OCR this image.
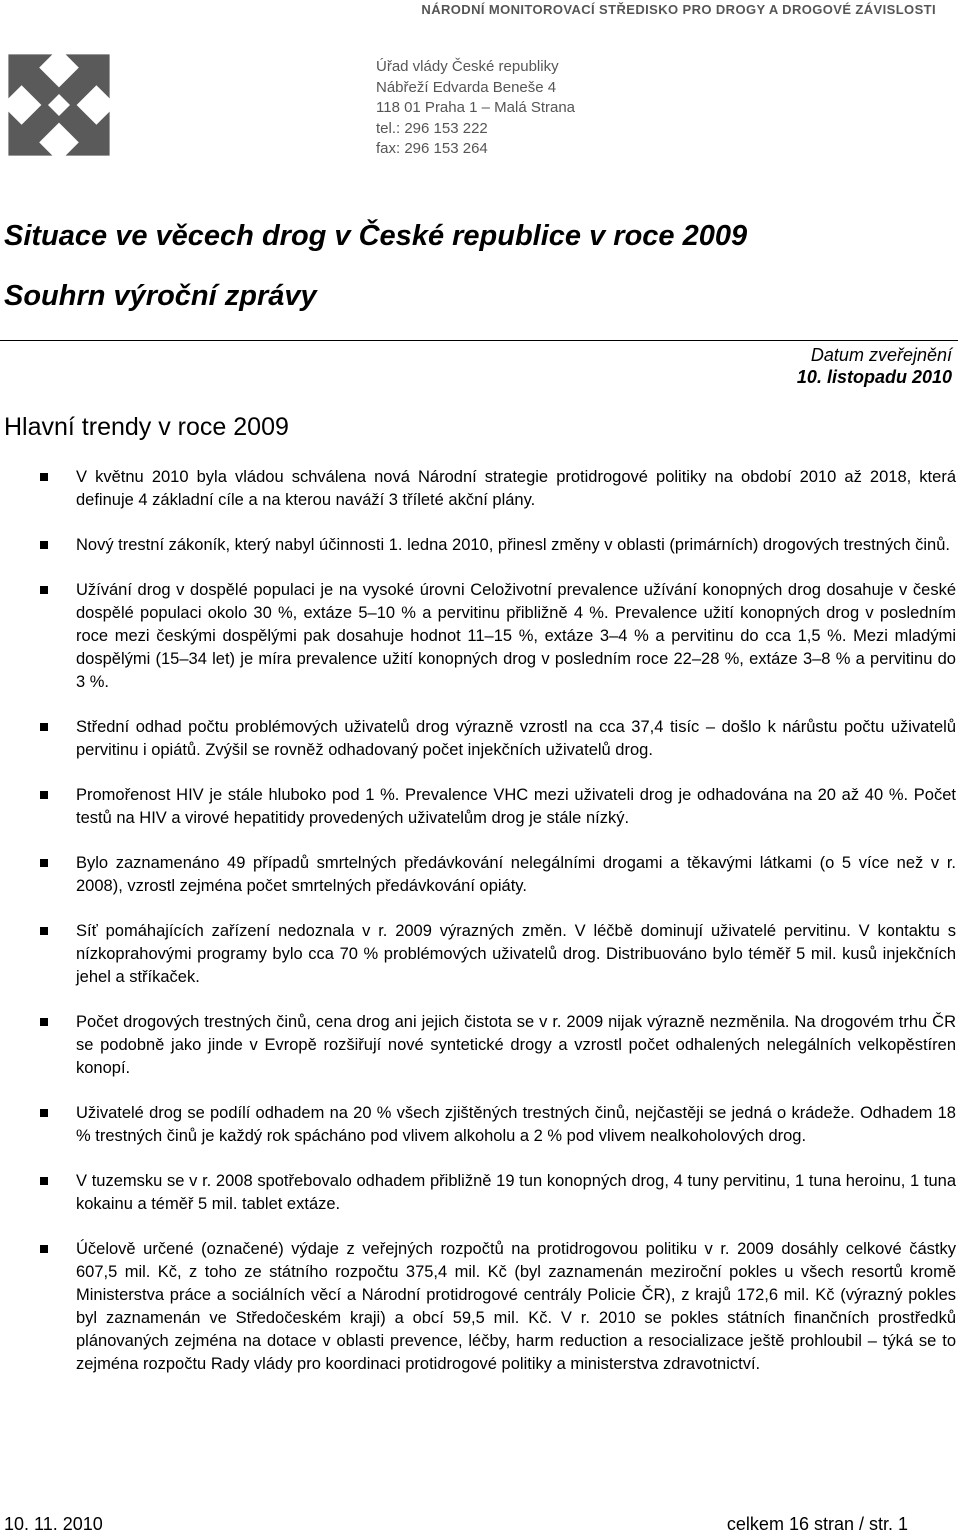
NÁRODNÍ MONITOROVACÍ STŘEDISKO PRO DROGY A DROGOVÉ ZÁVISLOSTI
Úřad vlády České republiky
Nábřeží Edvarda Beneše 4
118 01 Praha 1 – Malá Strana
tel.: 296 153 222
fax: 296 153 264
Situace ve věcech drog v České republice v roce 2009
Souhrn výroční zprávy
Datum zveřejnění
10. listopadu 2010
Hlavní trendy v roce 2009
V květnu 2010 byla vládou schválena nová Národní strategie protidrogové politiky na období 2010 až 2018, která definuje 4 základní cíle a na kterou naváží 3 tříleté akční plány.
Nový trestní zákoník, který nabyl účinnosti 1. ledna 2010, přinesl změny v oblasti (primárních) drogových trestných činů.
Užívání drog v dospělé populaci je na vysoké úrovni Celoživotní prevalence užívání konopných drog dosahuje v české dospělé populaci okolo 30 %, extáze 5–10 % a pervitinu přibližně 4 %. Prevalence užití konopných drog v posledním roce mezi českými dospělými pak dosahuje hodnot 11–15 %, extáze 3–4 % a pervitinu do cca 1,5 %. Mezi mladými dospělými (15–34 let) je míra prevalence užití konopných drog v posledním roce 22–28 %, extáze 3–8 % a pervitinu do 3 %.
Střední odhad počtu problémových uživatelů drog výrazně vzrostl na cca 37,4 tisíc – došlo k nárůstu počtu uživatelů pervitinu i opiátů. Zvýšil se rovněž odhadovaný počet injekčních uživatelů drog.
Promořenost HIV je stále hluboko pod 1 %. Prevalence VHC mezi uživateli drog je odhadována na 20 až 40 %. Počet testů na HIV a virové hepatitidy provedených uživatelům drog je stále nízký.
Bylo zaznamenáno 49 případů smrtelných předávkování nelegálními drogami a těkavými látkami (o 5 více než v r. 2008), vzrostl zejména počet smrtelných předávkování opiáty.
Síť pomáhajících zařízení nedoznala v r. 2009 výrazných změn. V léčbě dominují uživatelé pervitinu. V kontaktu s nízkoprahovými programy bylo cca 70 % problémových uživatelů drog. Distribuováno bylo téměř 5 mil. kusů injekčních jehel a stříkaček.
Počet drogových trestných činů, cena drog ani jejich čistota se v r. 2009 nijak výrazně nezměnila. Na drogovém trhu ČR se podobně jako jinde v Evropě rozšiřují nové syntetické drogy a vzrostl počet odhalených nelegálních velkopěstíren konopí.
Uživatelé drog se podílí odhadem na 20 % všech zjištěných trestných činů, nejčastěji se jedná o krádeže. Odhadem 18 % trestných činů je každý rok spácháno pod vlivem alkoholu a 2 % pod vlivem nealkoholových drog.
V tuzemsku se v r. 2008 spotřebovalo odhadem přibližně 19 tun konopných drog, 4 tuny pervitinu, 1 tuna heroinu, 1 tuna kokainu a téměř 5 mil. tablet extáze.
Účelově určené (označené) výdaje z veřejných rozpočtů na protidrogovou politiku v r. 2009 dosáhly celkové částky 607,5 mil. Kč, z toho ze státního rozpočtu 375,4 mil. Kč (byl zaznamenán meziroční pokles u všech resortů kromě Ministerstva práce a sociálních věcí a Národní protidrogové centrály Policie ČR), z krajů 172,6 mil. Kč (výrazný pokles byl zaznamenán ve Středočeském kraji) a obcí 59,5 mil. Kč. V r. 2010 se pokles státních finančních prostředků plánovaných zejména na dotace v oblasti prevence, léčby, harm reduction a resocializace ještě prohloubil – týká se to zejména rozpočtu Rady vlády pro koordinaci protidrogové politiky a ministerstva zdravotnictví.
10. 11. 2010	celkem 16 stran / str. 1
